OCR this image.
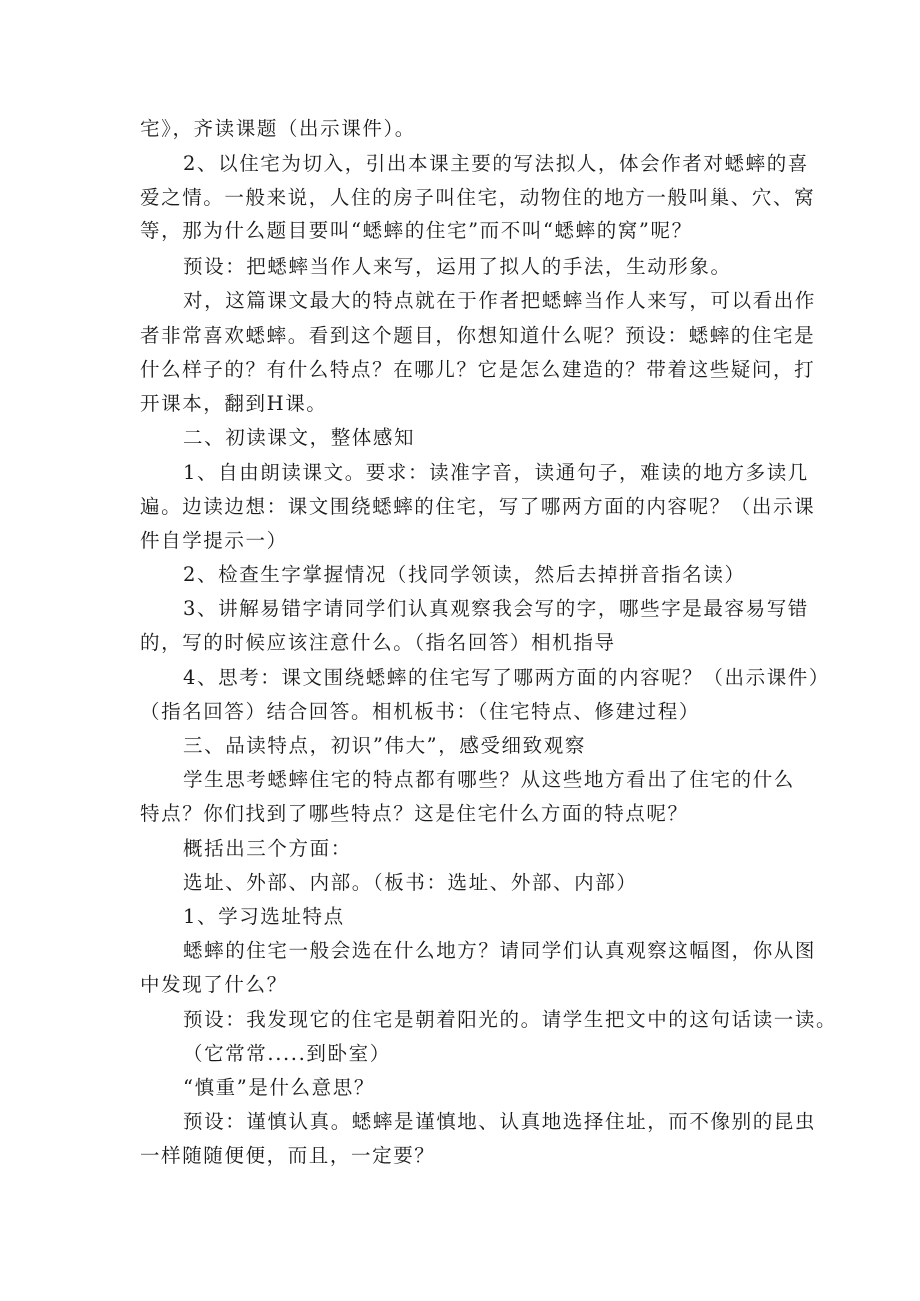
宅》，齐读课题（出示课件）。
2、以住宅为切入，引出本课主要的写法拟人，体会作者对蟋蟀的喜
爱之情。一般来说，人住的房子叫住宅，动物住的地方一般叫巢、穴、窝
等，那为什么题目要叫“蟋蟀的住宅”而不叫“蟋蟀的窝”呢？
预设：把蟋蟀当作人来写，运用了拟人的手法，生动形象。
对，这篇课文最大的特点就在于作者把蟋蟀当作人来写，可以看出作
者非常喜欢蟋蟀。看到这个题目，你想知道什么呢？预设：蟋蟀的住宅是
什么样子的？有什么特点？在哪儿？它是怎么建造的？带着这些疑问，打
开课本，翻到H课。
二、初读课文，整体感知
1、自由朗读课文。要求：读准字音，读通句子，难读的地方多读几
遍。边读边想：课文围绕蟋蟀的住宅，写了哪两方面的内容呢？（出示课
件自学提示一）
2、检查生字掌握情况（找同学领读，然后去掉拼音指名读）
3、讲解易错字请同学们认真观察我会写的字，哪些字是最容易写错
的，写的时候应该注意什么。（指名回答）相机指导
4、思考：课文围绕蟋蟀的住宅写了哪两方面的内容呢？（出示课件）
（指名回答）结合回答。相机板书：（住宅特点、修建过程）
三、品读特点，初识”伟大”，感受细致观察
学生思考蟋蟀住宅的特点都有哪些？从这些地方看出了住宅的什么
特点？你们找到了哪些特点？这是住宅什么方面的特点呢？
概括出三个方面：
选址、外部、内部。（板书：选址、外部、内部）
1、学习选址特点
蟋蟀的住宅一般会选在什么地方？请同学们认真观察这幅图，你从图
中发现了什么？
预设：我发现它的住宅是朝着阳光的。请学生把文中的这句话读一读。
（它常常.....到卧室）
“慎重”是什么意思？
预设：谨慎认真。蟋蟀是谨慎地、认真地选择住址，而不像别的昆虫
一样随随便便，而且，一定要？
